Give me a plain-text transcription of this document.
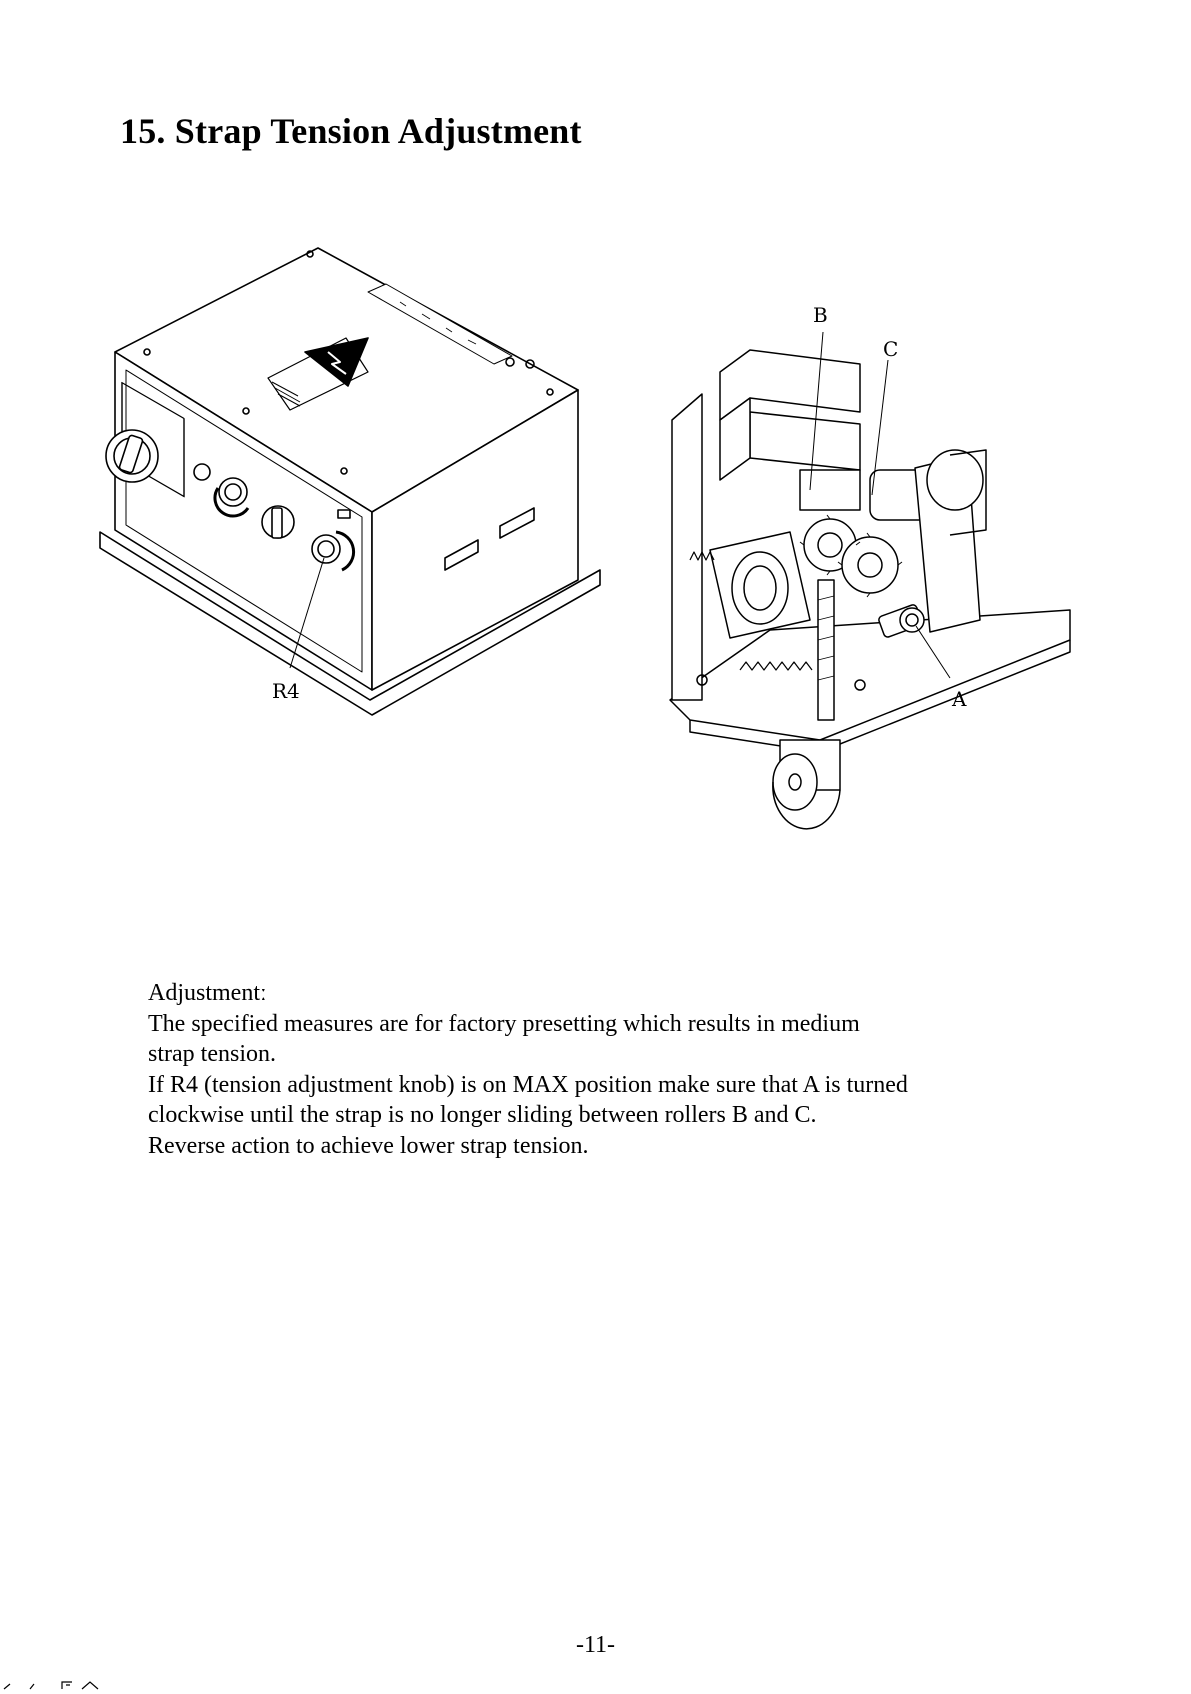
15. Strap Tension Adjustment
R4
B
C
A

Adjustmentː

The specified measures are for factory presetting which results in medium

strap tension.

If R4 (tension adjustment knob) is on MAX position make sure that A is turned

clockwise until the strap is no longer sliding between rollers B and C.

Reverse action to achieve lower strap tension.

-11-
